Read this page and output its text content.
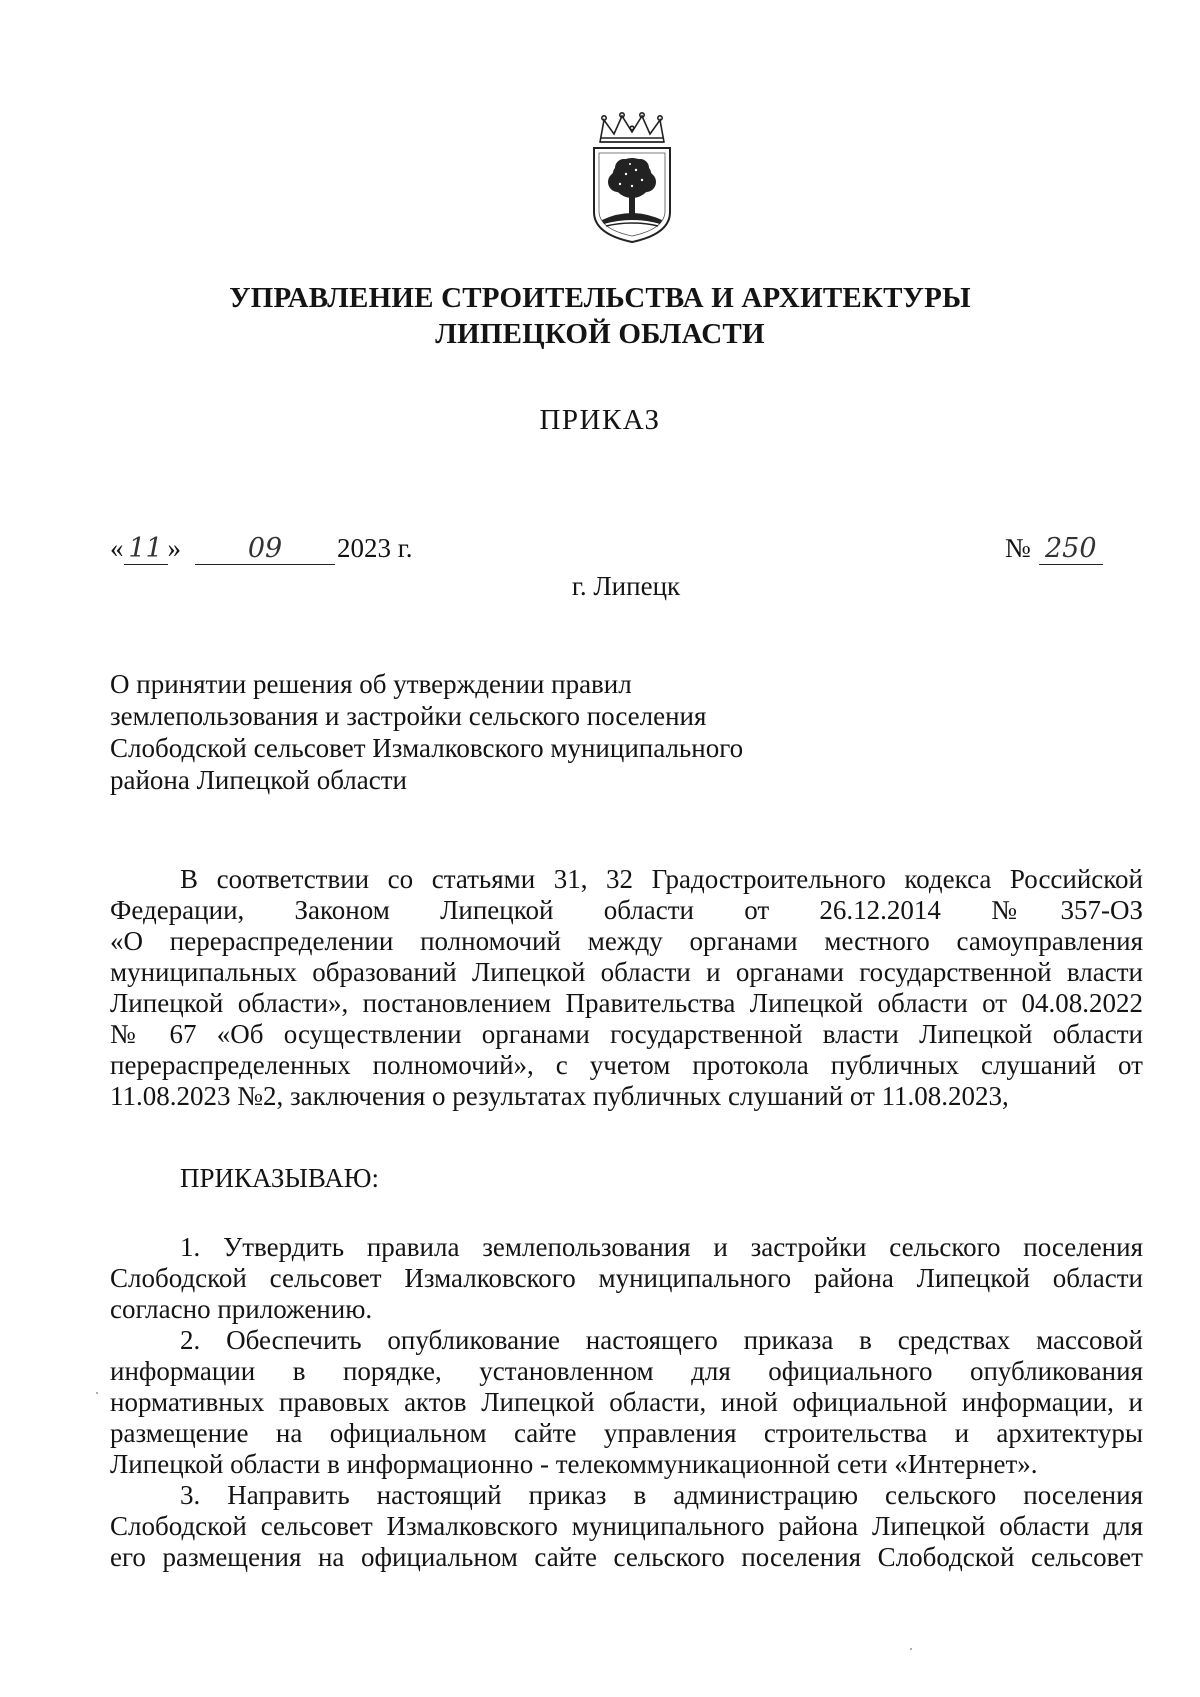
УПРАВЛЕНИЕ СТРОИТЕЛЬСТВА И АРХИТЕКТУРЫ
ЛИПЕЦКОЙ ОБЛАСТИ
ПРИКАЗ
« 11 » 09 2023 г.	№ 250
г. Липецк
О принятии решения об утверждении правил
землепользования и застройки сельского поселения
Слободской сельсовет Измалковского муниципального
района Липецкой области
В соответствии со статьями 31, 32 Градостроительного кодекса Российской
Федерации, Законом Липецкой области от 26.12.2014 №357-ОЗ
«О перераспределении полномочий между органами местного самоуправления
муниципальных образований Липецкой области и органами государственной власти
Липецкой области», постановлением Правительства Липецкой области от 04.08.2022
№ 67 «Об осуществлении органами государственной власти Липецкой области
перераспределенных полномочий», с учетом протокола публичных слушаний от
11.08.2023 №2, заключения о результатах публичных слушаний от 11.08.2023,
ПРИКАЗЫВАЮ:
1. Утвердить правила землепользования и застройки сельского поселения
Слободской сельсовет Измалковского муниципального района Липецкой области
согласно приложению.
2. Обеспечить опубликование настоящего приказа в средствах массовой
информации в порядке, установленном для официального опубликования
нормативных правовых актов Липецкой области, иной официальной информации, и
размещение на официальном сайте управления строительства и архитектуры
Липецкой области в информационно - телекоммуникационной сети «Интернет».
3. Направить настоящий приказ в администрацию сельского поселения
Слободской сельсовет Измалковского муниципального района Липецкой области для
его размещения на официальном сайте сельского поселения Слободской сельсовет
